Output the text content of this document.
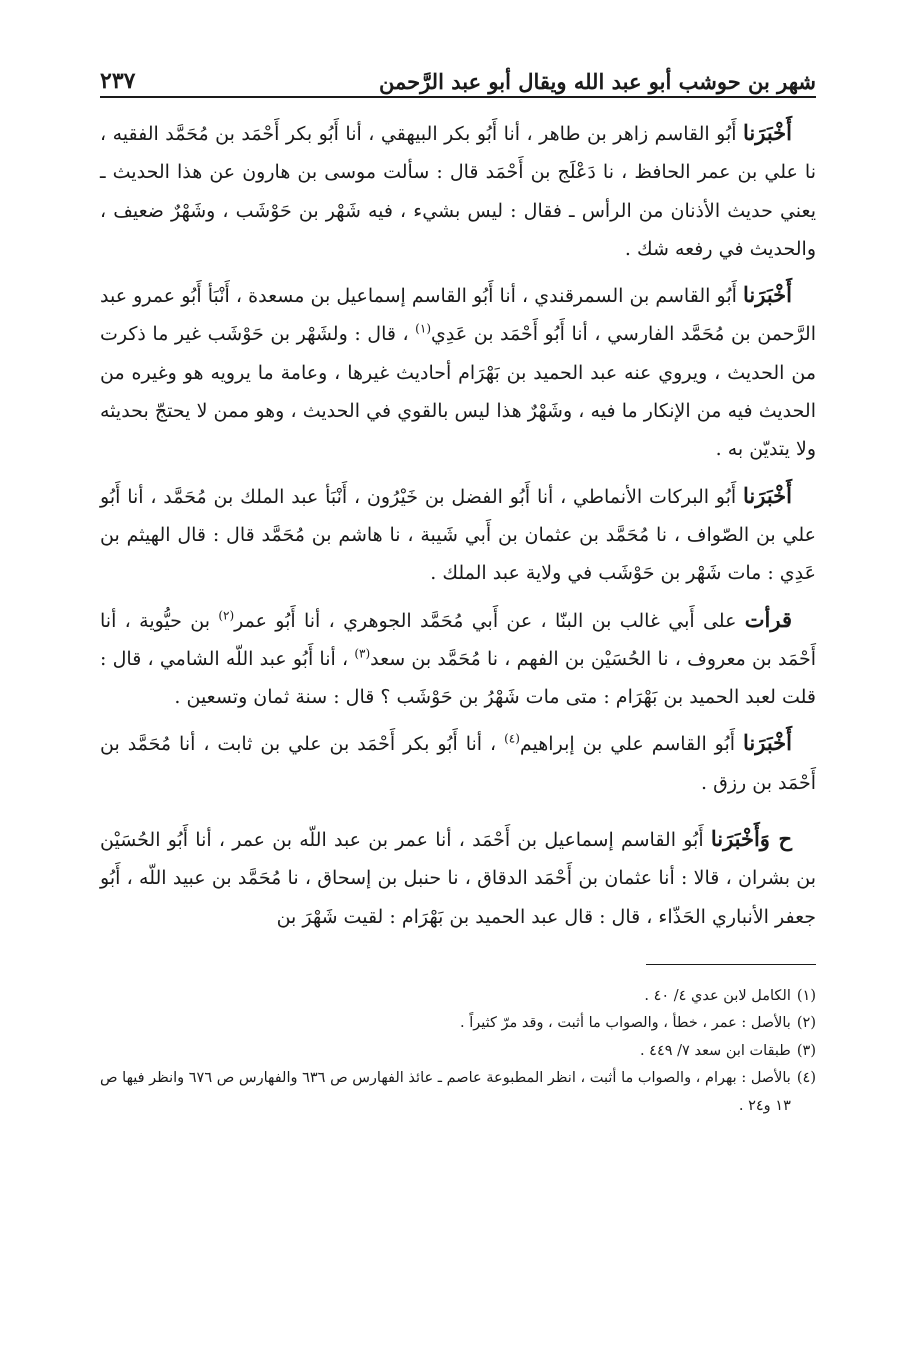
شهر بن حوشب أبو عبد الله ويقال أبو عبد الرَّحمن
٢٣٧

أَخْبَرَنا أَبُو القاسم زاهر بن طاهر ، أنا أَبُو بكر البيهقي ، أنا أَبُو بكر أَحْمَد بن مُحَمَّد الفقيه ، نا علي بن عمر الحافظ ، نا دَعْلَج بن أَحْمَد قال : سألت موسى بن هارون عن هذا الحديث ـ يعني حديث الأذنان من الرأس ـ فقال : ليس بشيء ، فيه شَهْر بن حَوْشَب ، وشَهْرٌ ضعيف ، والحديث في رفعه شك .

أَخْبَرَنا أَبُو القاسم بن السمرقندي ، أنا أَبُو القاسم إسماعيل بن مسعدة ، أَنْبَأ أَبُو عمرو عبد الرَّحمن بن مُحَمَّد الفارسي ، أنا أَبُو أَحْمَد بن عَدِي$^{(١)}$ ، قال : ولشَهْر بن حَوْشَب غير ما ذكرت من الحديث ، ويروي عنه عبد الحميد بن بَهْرَام أحاديث غيرها ، وعامة ما يرويه هو وغيره من الحديث فيه من الإنكار ما فيه ، وشَهْرٌ هذا ليس بالقوي في الحديث ، وهو ممن لا يحتجّ بحديثه ولا يتديّن به .

أَخْبَرَنا أَبُو البركات الأنماطي ، أنا أَبُو الفضل بن خَيْرُون ، أَنْبَأ عبد الملك بن مُحَمَّد ، أنا أَبُو علي بن الصّواف ، نا مُحَمَّد بن عثمان بن أَبي شَيبة ، نا هاشم بن مُحَمَّد قال : قال الهيثم بن عَدِي : مات شَهْر بن حَوْشَب في ولاية عبد الملك .

قرأت على أَبي غالب بن البنّا ، عن أَبي مُحَمَّد الجوهري ، أنا أَبُو عمر$^{(٢)}$ بن حيُّوية ، أنا أَحْمَد بن معروف ، نا الحُسَيْن بن الفهم ، نا مُحَمَّد بن سعد$^{(٣)}$ ، أنا أَبُو عبد اللّه الشامي ، قال : قلت لعبد الحميد بن بَهْرَام : متى مات شَهْرُ بن حَوْشَب ؟ قال : سنة ثمان وتسعين .

أَخْبَرَنا أَبُو القاسم علي بن إبراهيم$^{(٤)}$ ، أنا أَبُو بكر أَحْمَد بن علي بن ثابت ، أنا مُحَمَّد بن أَحْمَد بن رزق .

ح وَأَخْبَرَنا أَبُو القاسم إسماعيل بن أَحْمَد ، أنا عمر بن عبد اللّه بن عمر ، أنا أَبُو الحُسَيْن بن بشران ، قالا : أنا عثمان بن أَحْمَد الدقاق ، نا حنبل بن إسحاق ، نا مُحَمَّد بن عبيد اللّه ، أَبُو جعفر الأنباري الحَذّاء ، قال : قال عبد الحميد بن بَهْرَام : لقيت شَهْرَ بن

(١)
الكامل لابن عدي ٤/ ٤٠ .
(٢)
بالأصل : عمر ، خطأ ، والصواب ما أثبت ، وقد مرّ كثيراً .
(٣)
طبقات ابن سعد ٧/ ٤٤٩ .
(٤)
بالأصل : بهرام ، والصواب ما أثبت ، انظر المطبوعة عاصم ـ عائذ الفهارس ص ٦٣٦ والفهارس ص ٦٧٦ وانظر فيها ص ١٣ و٢٤ .
